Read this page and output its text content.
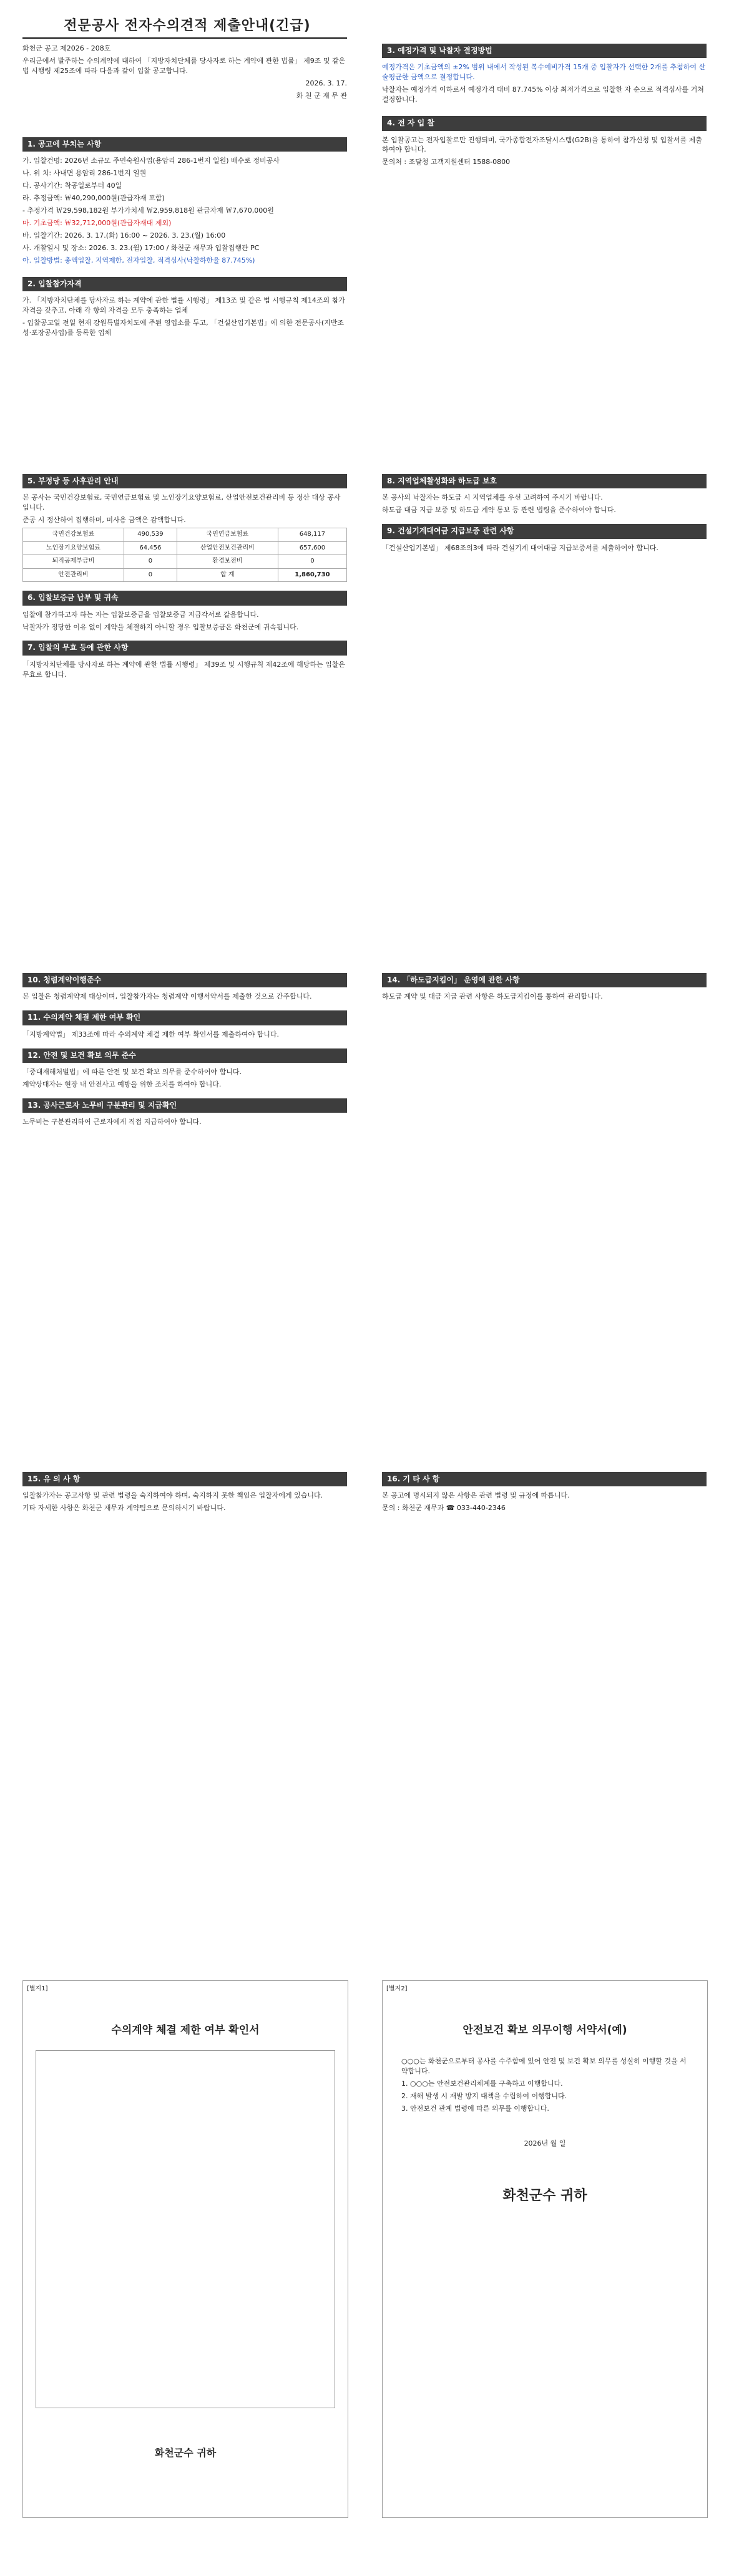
전문공사 전자수의견적 제출안내(긴급)

화천군 공고 제2026 - 208호

우리군에서 발주하는 수의계약에 대하여 「지방자치단체를 당사자로 하는 계약에 관한 법률」 제9조 및 같은 법 시행령 제25조에 따라 다음과 같이 입찰 공고합니다.

2026. 3. 17.

화 천 군 재 무 관

1. 공고에 부치는 사항

가. 입찰건명: 2026년 소규모 주민숙원사업(용암리 286-1번지 일원) 배수로 정비공사

나. 위 치: 사내면 용암리 286-1번지 일원

다. 공사기간: 착공일로부터 40일

라. 추정금액: ￦40,290,000원(관급자재 포함)

- 추정가격 ￦29,598,182원 부가가치세 ￦2,959,818원 관급자재 ￦7,670,000원

마. 기초금액: ￦32,712,000원(관급자재대 제외)

바. 입찰기간: 2026. 3. 17.(화) 16:00 ~ 2026. 3. 23.(월) 16:00

사. 개찰일시 및 장소: 2026. 3. 23.(월) 17:00 / 화천군 재무과 입찰집행관 PC

아. 입찰방법: 총액입찰, 지역제한, 전자입찰, 적격심사(낙찰하한율 87.745%)

2. 입찰참가자격

가. 「지방자치단체를 당사자로 하는 계약에 관한 법률 시행령」 제13조 및 같은 법 시행규칙 제14조의 참가자격을 갖추고, 아래 각 항의 자격을 모두 충족하는 업체

- 입찰공고일 전일 현재 강원특별자치도에 주된 영업소를 두고, 「건설산업기본법」에 의한 전문공사(지반조성·포장공사업)를 등록한 업체

3. 예정가격 및 낙찰자 결정방법

예정가격은 기초금액의 ±2% 범위 내에서 작성된 복수예비가격 15개 중 입찰자가 선택한 2개를 추첨하여 산술평균한 금액으로 결정합니다.

낙찰자는 예정가격 이하로서 예정가격 대비 87.745% 이상 최저가격으로 입찰한 자 순으로 적격심사를 거쳐 결정합니다.

4. 전 자 입 찰

본 입찰공고는 전자입찰로만 진행되며, 국가종합전자조달시스템(G2B)을 통하여 참가신청 및 입찰서를 제출하여야 합니다.

문의처 : 조달청 고객지원센터 1588-0800

5. 부정당 등 사후관리 안내

본 공사는 국민건강보험료, 국민연금보험료 및 노인장기요양보험료, 산업안전보건관리비 등 정산 대상 공사입니다.

준공 시 정산하여 집행하며, 미사용 금액은 감액합니다.

국민건강보험료	490,539	국민연금보험료	648,117
노인장기요양보험료	64,456	산업안전보건관리비	657,600
퇴직공제부금비	0	환경보전비	0
안전관리비	0	합 계	1,860,730
6. 입찰보증금 납부 및 귀속

입찰에 참가하고자 하는 자는 입찰보증금을 입찰보증금 지급각서로 갈음합니다.

낙찰자가 정당한 이유 없이 계약을 체결하지 아니할 경우 입찰보증금은 화천군에 귀속됩니다.

7. 입찰의 무효 등에 관한 사항

「지방자치단체를 당사자로 하는 계약에 관한 법률 시행령」 제39조 및 시행규칙 제42조에 해당하는 입찰은 무효로 합니다.

8. 지역업체활성화와 하도급 보호

본 공사의 낙찰자는 하도급 시 지역업체를 우선 고려하여 주시기 바랍니다.

하도급 대금 지급 보증 및 하도급 계약 통보 등 관련 법령을 준수하여야 합니다.

9. 건설기계대여금 지급보증 관련 사항

「건설산업기본법」 제68조의3에 따라 건설기계 대여대금 지급보증서를 제출하여야 합니다.

10. 청렴계약이행준수

본 입찰은 청렴계약제 대상이며, 입찰참가자는 청렴계약 이행서약서를 제출한 것으로 간주합니다.

11. 수의계약 체결 제한 여부 확인

「지방계약법」 제33조에 따라 수의계약 체결 제한 여부 확인서를 제출하여야 합니다.

12. 안전 및 보건 확보 의무 준수

「중대재해처벌법」에 따른 안전 및 보건 확보 의무를 준수하여야 합니다.

계약상대자는 현장 내 안전사고 예방을 위한 조치를 하여야 합니다.

13. 공사근로자 노무비 구분관리 및 지급확인

노무비는 구분관리하여 근로자에게 직접 지급하여야 합니다.

14. 「하도급지킴이」 운영에 관한 사항

하도급 계약 및 대금 지급 관련 사항은 하도급지킴이를 통하여 관리합니다.

15. 유 의 사 항

입찰참가자는 공고사항 및 관련 법령을 숙지하여야 하며, 숙지하지 못한 책임은 입찰자에게 있습니다.

기타 자세한 사항은 화천군 재무과 계약팀으로 문의하시기 바랍니다.

16. 기 타 사 항

본 공고에 명시되지 않은 사항은 관련 법령 및 규정에 따릅니다.

문의 : 화천군 재무과 ☎ 033-440-2346

[별지1]
수의계약 체결 제한 여부 확인서
화천군수 귀하
[별지2]
안전보건 확보 의무이행 서약서(예)

○○○는 화천군으로부터 공사를 수주함에 있어 안전 및 보건 확보 의무를 성실히 이행할 것을 서약합니다.

1. ○○○는 안전보건관리체계를 구축하고 이행합니다.

2. 재해 발생 시 재발 방지 대책을 수립하여 이행합니다.

3. 안전보건 관계 법령에 따른 의무를 이행합니다.

2026년 월 일

화천군수 귀하
